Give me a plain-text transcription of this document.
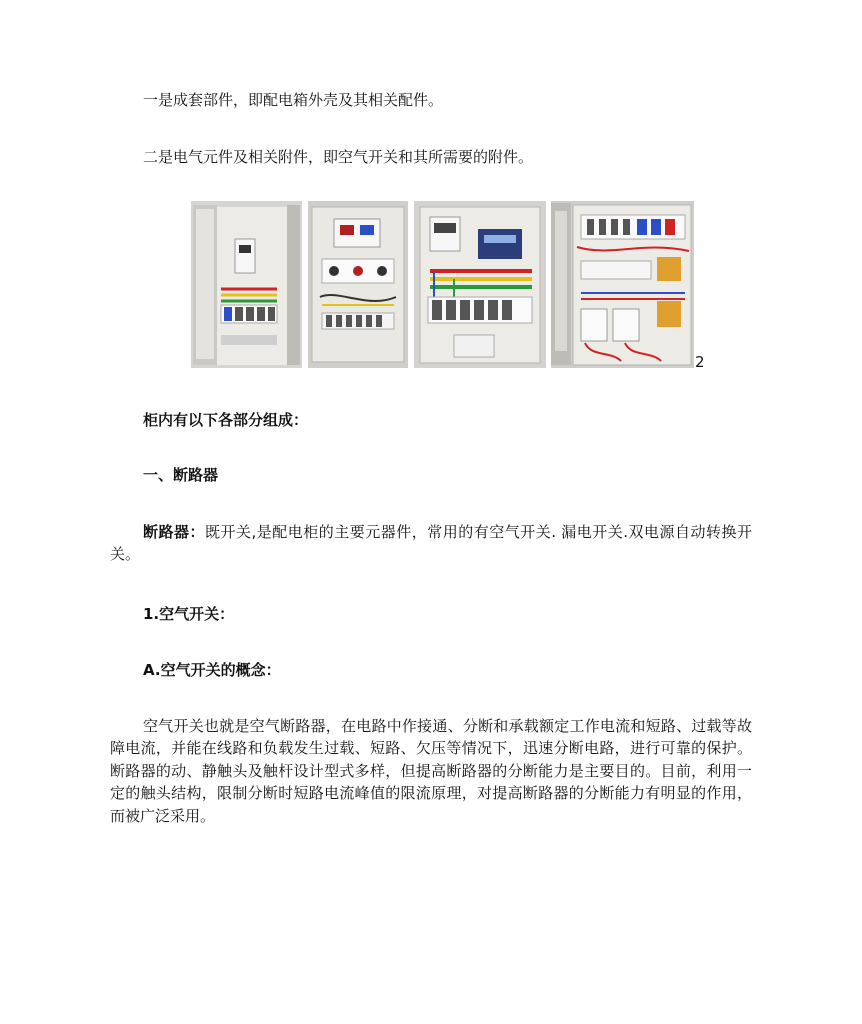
一是成套部件，即配电箱外壳及其相关配件。
二是电气元件及相关附件，即空气开关和其所需要的附件。
2
柜内有以下各部分组成：
一、断路器
断路器：既开关,是配电柜的主要元器件，常用的有空气开关. 漏电开关.双电源自动转换开关。
1.空气开关：
A.空气开关的概念：
空气开关也就是空气断路器，在电路中作接通、分断和承载额定工作电流和短路、过载等故障电流，并能在线路和负载发生过载、短路、欠压等情况下，迅速分断电路，进行可靠的保护。断路器的动、静触头及触杆设计型式多样，但提高断路器的分断能力是主要目的。目前，利用一定的触头结构，限制分断时短路电流峰值的限流原理，对提高断路器的分断能力有明显的作用，而被广泛采用。
